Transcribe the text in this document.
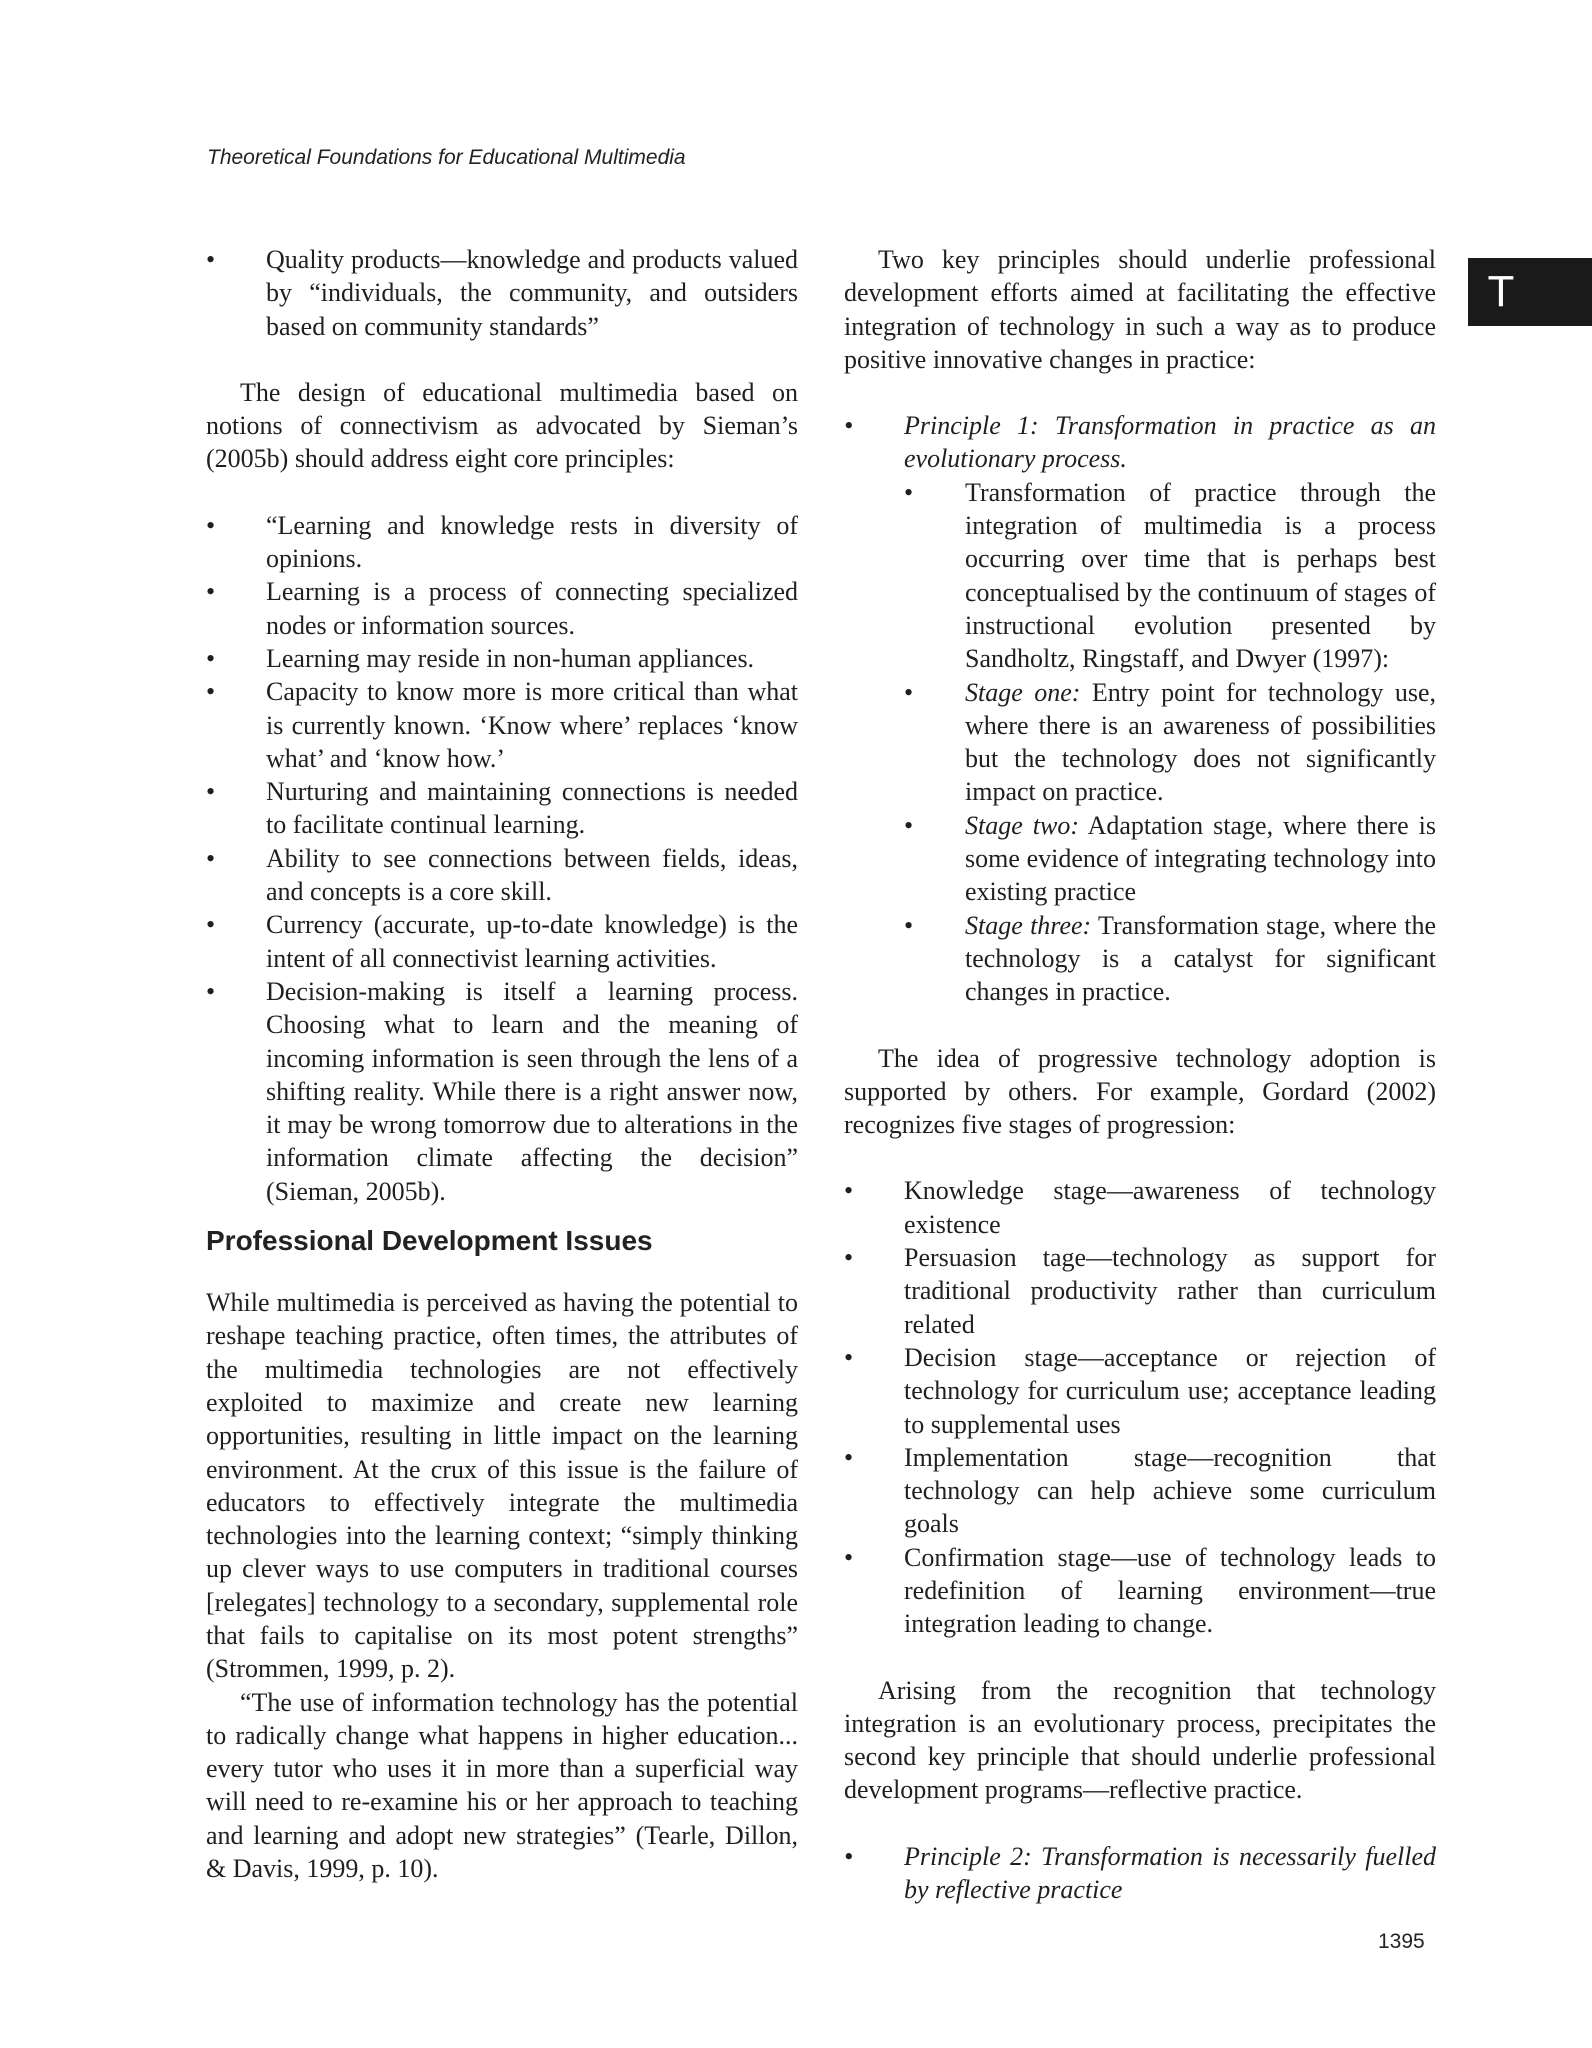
Theoretical Foundations for Educational Multimedia
T
• Quality products—knowledge and products valued by “individuals, the community, and outsiders based on community standards”

The design of educational multimedia based on notions of connectivism as advocated by Sieman’s (2005b) should address eight core principles:

• “Learning and knowledge rests in diversity of opinions.
• Learning is a process of connecting specialized nodes or information sources.
• Learning may reside in non-human appliances.
• Capacity to know more is more critical than what is currently known. ‘Know where’ replaces ‘know what’ and ‘know how.’
• Nurturing and maintaining connections is needed to facilitate continual learning.
• Ability to see connections between fields, ideas, and concepts is a core skill.
• Currency (accurate, up-to-date knowledge) is the intent of all connectivist learning activities.
• Decision-making is itself a learning process. Choosing what to learn and the meaning of incoming information is seen through the lens of a shifting reality. While there is a right answer now, it may be wrong tomorrow due to alterations in the information climate affecting the decision” (Sieman, 2005b).
Professional Development Issues

While multimedia is perceived as having the potential to reshape teaching practice, often times, the attributes of the multimedia technologies are not effectively exploited to maximize and create new learning opportunities, resulting in little impact on the learning environment. At the crux of this issue is the failure of educators to effectively integrate the multimedia technologies into the learning context; “simply thinking up clever ways to use computers in traditional courses [relegates] technology to a secondary, supplemental role that fails to capitalise on its most potent strengths” (Strommen, 1999, p. 2).

“The use of information technology has the potential to radically change what happens in higher education... every tutor who uses it in more than a superficial way will need to re-examine his or her approach to teaching and learning and adopt new strategies” (Tearle, Dillon, & Davis, 1999, p. 10).

Two key principles should underlie professional development efforts aimed at facilitating the effective integration of technology in such a way as to produce positive innovative changes in practice:

• Principle 1: Transformation in practice as an evolutionary process.
• Transformation of practice through the integration of multimedia is a process occurring over time that is perhaps best conceptualised by the continuum of stages of instructional evolution presented by Sandholtz, Ringstaff, and Dwyer (1997):
• Stage one: Entry point for technology use, where there is an awareness of possibilities but the technology does not significantly impact on practice.
• Stage two: Adaptation stage, where there is some evidence of integrating technology into existing practice
• Stage three: Transformation stage, where the technology is a catalyst for significant changes in practice.

The idea of progressive technology adoption is supported by others. For example, Gordard (2002) recognizes five stages of progression:

• Knowledge stage—awareness of technology existence
• Persuasion tage—technology as support for traditional productivity rather than curriculum related
• Decision stage—acceptance or rejection of technology for curriculum use; acceptance leading to supplemental uses
• Implementation stage—recognition that technology can help achieve some curriculum goals
• Confirmation stage—use of technology leads to redefinition of learning environment—true integration leading to change.

Arising from the recognition that technology integration is an evolutionary process, precipitates the second key principle that should underlie professional development programs—reflective practice.

• Principle 2: Transformation is necessarily fuelled by reflective practice
1395
